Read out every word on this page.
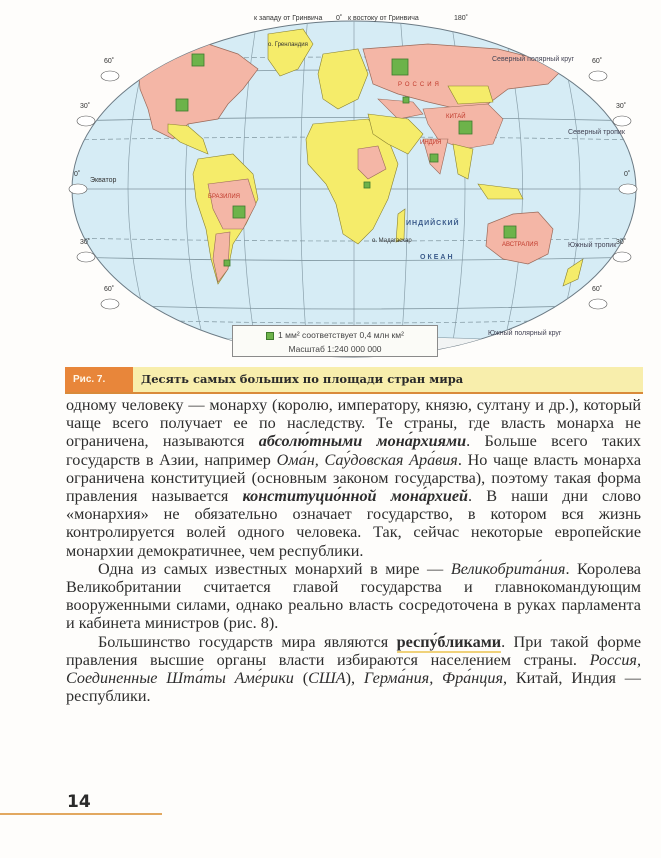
к западу от Гринвича 0˚ к востоку от Гринвича	180˚
60˚
30˚
0˚
30˚
60˚
60˚
30˚
0˚
30˚
60˚
Экватор
Северный тропик
Южный тропик
Северный полярный круг
Южный полярный круг
о. Гренландия
о. Мадагаскар
ИНДИЙСКИЙ
ОКЕАН
БРАЗИЛИЯ
АВСТРАЛИЯ
КИТАЙ
ИНДИЯ
РОССИЯ
1 мм² соответствует 0,4 млн км²
Масштаб 1:240 000 000
Рис. 7.	Десять самых больших по площади стран мира

одному человеку — монарху (королю, императору, князю, султану и др.), который чаще всего получает ее по наследству. Те страны, где власть монарха не ограничена, называются абсолю́тными мона́рхиями. Больше всего таких государств в Азии, например Ома́н, Сау́довская Ара́вия. Но чаще власть монарха ограничена конституцией (основным законом государства), поэтому такая форма правления называется конституцио́нной мона́рхией. В наши дни слово «монархия» не обязательно означает государство, в котором вся жизнь контролируется волей одного человека. Так, сейчас некоторые европейские монархии демократичнее, чем республики.

Одна из самых известных монархий в мире — Великобрита́ния. Королева Великобритании считается главой государства и главнокомандующим вооруженными силами, однако реально власть сосредоточена в руках парламента и кабинета министров (рис. 8).

Большинство государств мира являются респу́бликами. При такой форме правления высшие органы власти избираются населением страны. Россия, Соединенные Шта́ты Аме́рики (США), Герма́ния, Фра́нция, Китай, Индия — республики.

14
